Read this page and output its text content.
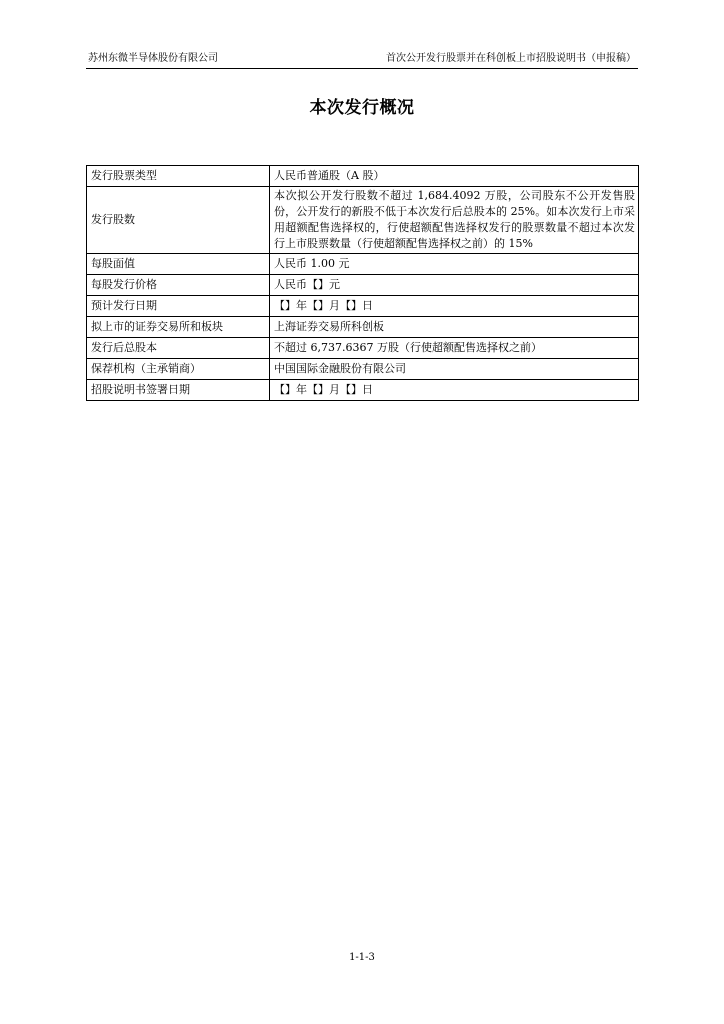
苏州东微半导体股份有限公司	首次公开发行股票并在科创板上市招股说明书（申报稿）
本次发行概况
发行股票类型	人民币普通股（A 股）
发行股数	本次拟公开发行股数不超过 1,684.4092 万股，公司股东不公开发售股份，公开发行的新股不低于本次发行后总股本的 25%。如本次发行上市采用超额配售选择权的，行使超额配售选择权发行的股票数量不超过本次发行上市股票数量（行使超额配售选择权之前）的 15%
每股面值	人民币 1.00 元
每股发行价格	人民币【】元
预计发行日期	【】年【】月【】日
拟上市的证券交易所和板块	上海证券交易所科创板
发行后总股本	不超过 6,737.6367 万股（行使超额配售选择权之前）
保荐机构（主承销商）	中国国际金融股份有限公司
招股说明书签署日期	【】年【】月【】日
1-1-3
